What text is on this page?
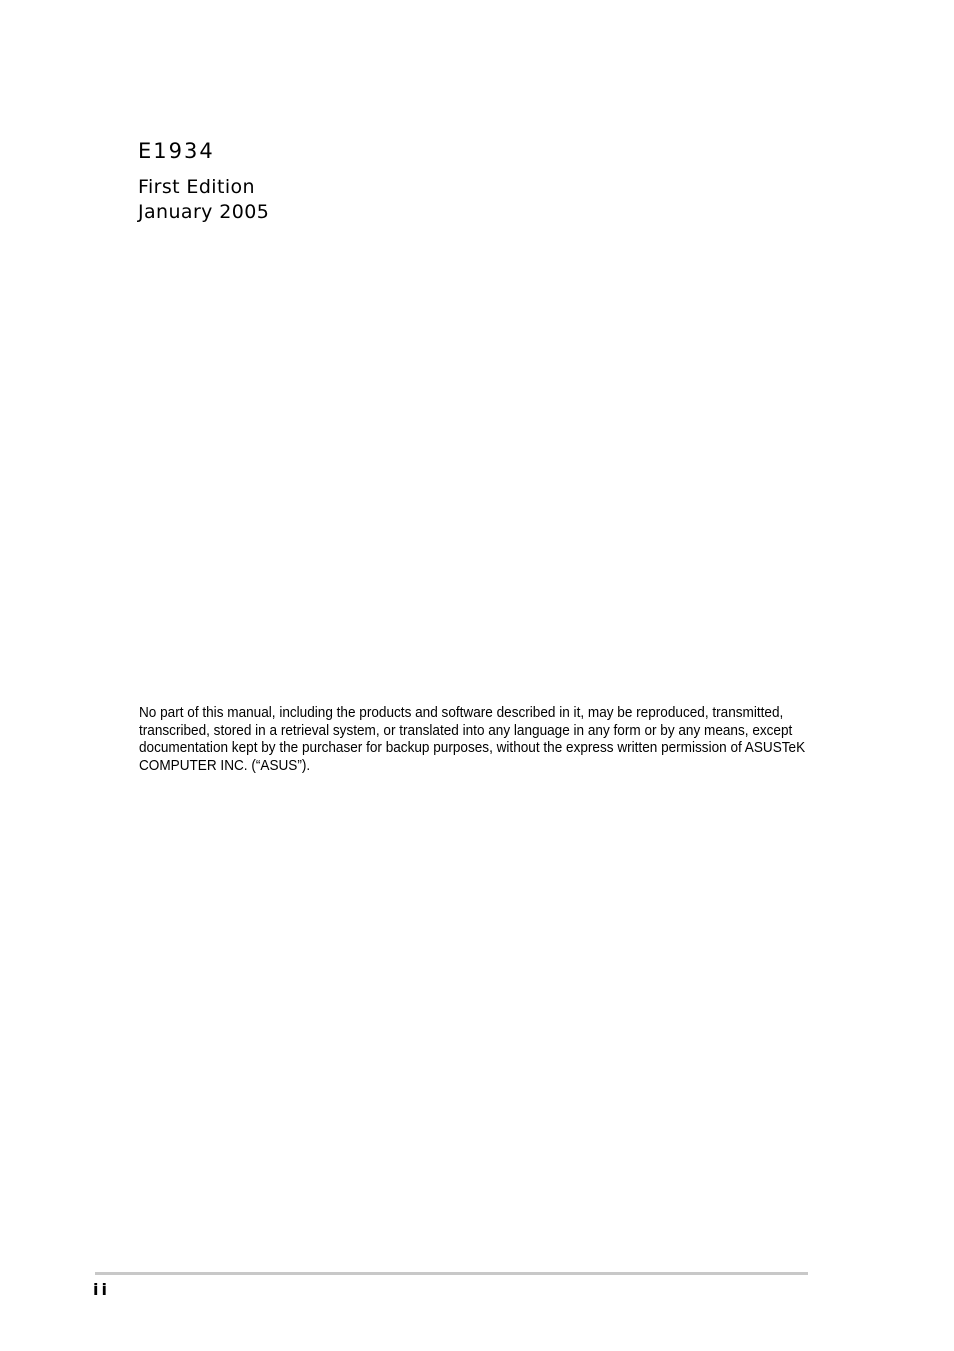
E1934
First Edition
January 2005
No part of this manual, including the products and software described in it, may be reproduced, transmitted, transcribed, stored in a retrieval system, or translated into any language in any form or by any means, except documentation kept by the purchaser for backup purposes, without the express written permission of ASUSTeK COMPUTER INC. (“ASUS”).
ii
